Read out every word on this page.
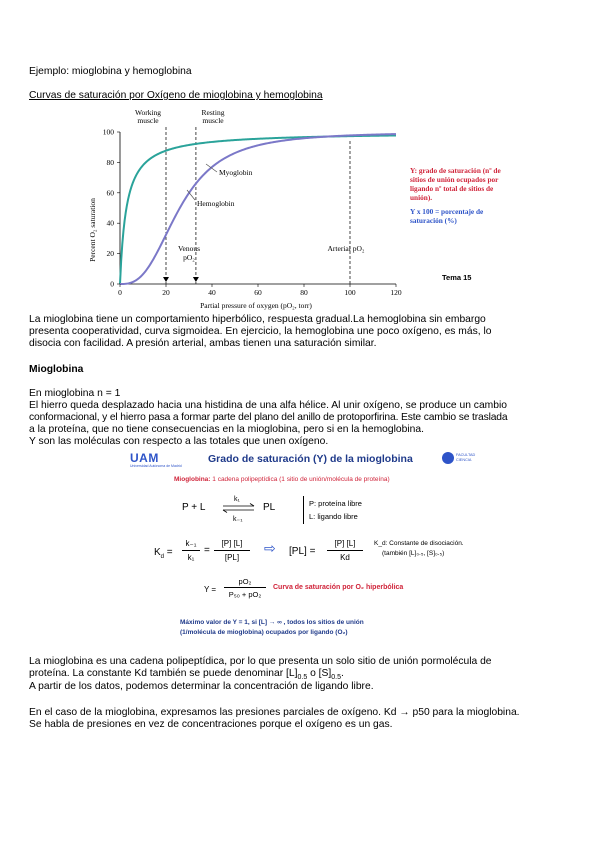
Ejemplo: mioglobina y hemoglobina
Curvas de saturación por Oxígeno de mioglobina y hemoglobina
0	20	40	60	80	100	120
0
20
40
60
80
100
Working
muscle
Resting
muscle
Myoglobin
Hemoglobin
Venous
pO₂
Arterial pO₂
Percent O₂ saturation
Partial pressure of oxygen (pO₂, torr)
Y: grado de saturación (nº de
sitios de unión ocupados por
ligando nº total de sitios de
unión).
Y x 100 = porcentaje de
saturación (%)
Tema 15
La mioglobina tiene un comportamiento hiperbólico, respuesta gradual.La hemoglobina sin embargo
presenta cooperatividad, curva sigmoidea. En ejercicio, la hemoglobina une poco oxígeno, es más, lo
disocia con facilidad. A presión arterial, ambas tienen una saturación similar.
Mioglobina
En mioglobina n = 1
El hierro queda desplazado hacia una histidina de una alfa hélice. Al unir oxígeno, se produce un cambio
conformacional, y el hierro pasa a formar parte del plano del anillo de protoporfirina. Este cambio se traslada
a la proteína, que no tiene consecuencias en la mioglobina, pero si en la hemoglobina.
Y son las moléculas con respecto a las totales que unen oxígeno.
UAM
Universidad Autónoma de Madrid
Grado de saturación (Y) de la mioglobina	FACULTAD
CIENCIA
Mioglobina: 1 cadena polipeptídica (1 sitio de unión/molécula de proteína)
P + L
k₁
k₋₁
PL	P: proteína libre
L: ligando libre
$K_d$ =
k₋₁
k₁
=
[P] [L]
[PL]
⇨ [PL] =
[P] [L]
Kd
K_d: Constante de disociación.
(también [L]₀.₅, [S]₀.₅)
Y =
pO₂
P₅₀ + pO₂
Curva de saturación por O₂ hiperbólica
Máximo valor de Y = 1, si [L] → ∞ , todos los sitios de unión
(1/molécula de mioglobina) ocupados por ligando (O₂)
La mioglobina es una cadena polipeptídica, por lo que presenta un solo sitio de unión pormolécula de
proteína. La constante Kd también se puede denominar $[L]_{0.5}$ o $[S]_{0.5}$.
A partir de los datos, podemos determinar la concentración de ligando libre.
En el caso de la mioglobina, expresamos las presiones parciales de oxígeno. Kd → p50 para la mioglobina.
Se habla de presiones en vez de concentraciones porque el oxígeno es un gas.
